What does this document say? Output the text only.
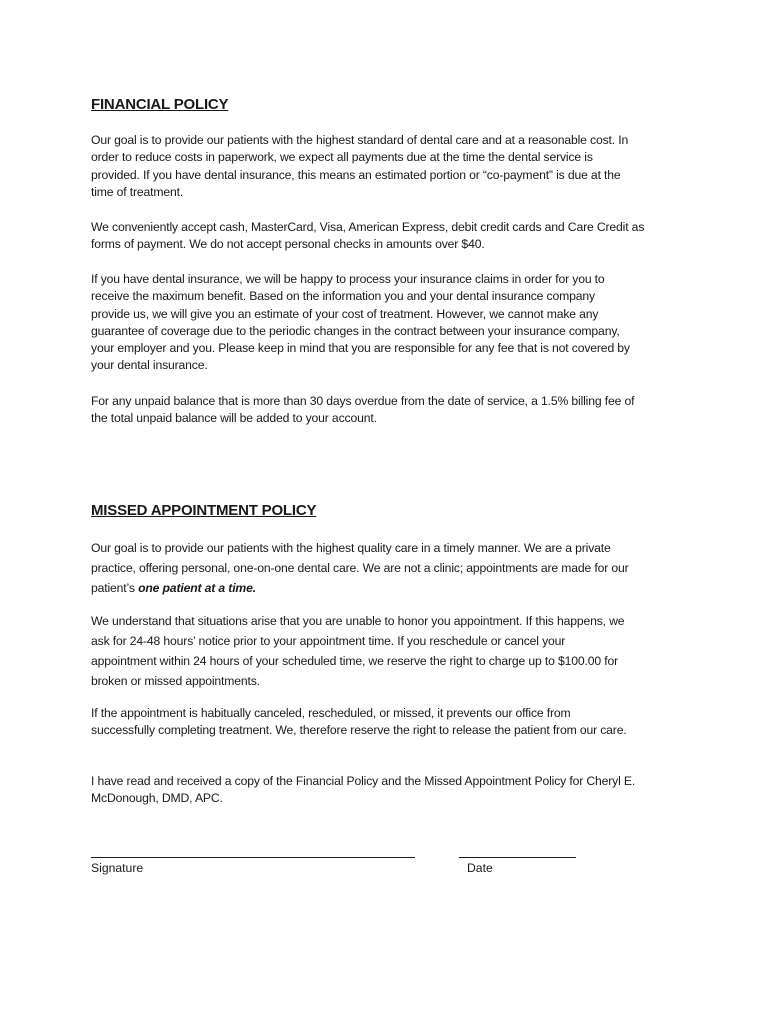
FINANCIAL POLICY

Our goal is to provide our patients with the highest standard of dental care and at a reasonable cost. In
order to reduce costs in paperwork, we expect all payments due at the time the dental service is
provided. If you have dental insurance, this means an estimated portion or “co-payment” is due at the
time of treatment.

We conveniently accept cash, MasterCard, Visa, American Express, debit credit cards and Care Credit as
forms of payment. We do not accept personal checks in amounts over $40.

If you have dental insurance, we will be happy to process your insurance claims in order for you to
receive the maximum benefit. Based on the information you and your dental insurance company
provide us, we will give you an estimate of your cost of treatment. However, we cannot make any
guarantee of coverage due to the periodic changes in the contract between your insurance company,
your employer and you. Please keep in mind that you are responsible for any fee that is not covered by
your dental insurance.

For any unpaid balance that is more than 30 days overdue from the date of service, a 1.5% billing fee of
the total unpaid balance will be added to your account.

MISSED APPOINTMENT POLICY

Our goal is to provide our patients with the highest quality care in a timely manner. We are a private
practice, offering personal, one-on-one dental care. We are not a clinic; appointments are made for our
patient’s one patient at a time.

We understand that situations arise that you are unable to honor you appointment. If this happens, we
ask for 24-48 hours’ notice prior to your appointment time. If you reschedule or cancel your
appointment within 24 hours of your scheduled time, we reserve the right to charge up to $100.00 for
broken or missed appointments.

If the appointment is habitually canceled, rescheduled, or missed, it prevents our office from
successfully completing treatment. We, therefore reserve the right to release the patient from our care.

I have read and received a copy of the Financial Policy and the Missed Appointment Policy for Cheryl E.
McDonough, DMD, APC.

Signature	Date
